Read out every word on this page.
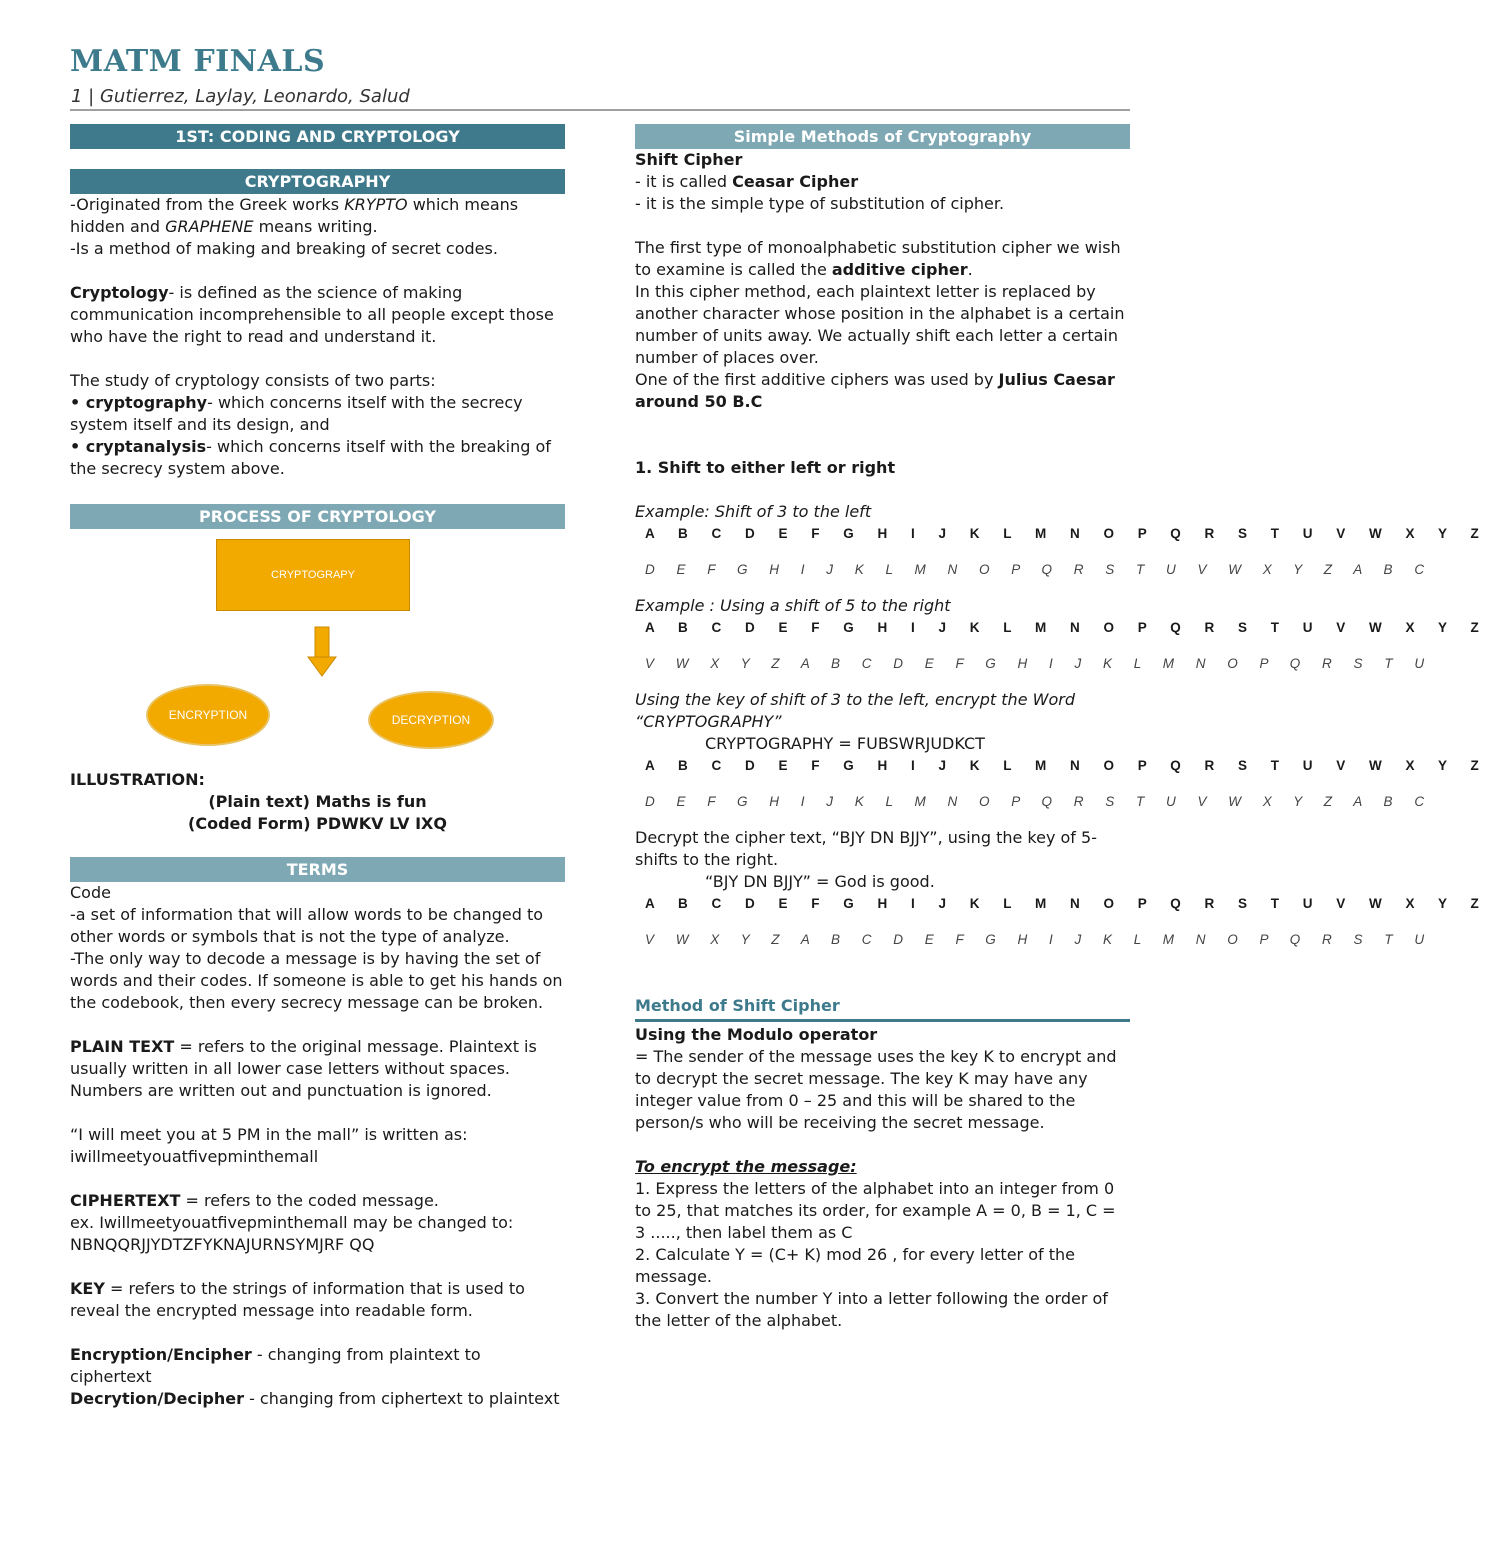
MATM FINALS
1 | Gutierrez, Laylay, Leonardo, Salud
1ST: CODING AND CRYPTOLOGY
CRYPTOGRAPHY
-Originated from the Greek works KRYPTO which means hidden and GRAPHENE means writing.
-Is a method of making and breaking of secret codes.
Cryptology- is defined as the science of making communication incomprehensible to all people except those who have the right to read and understand it.
The study of cryptology consists of two parts:
• cryptography- which concerns itself with the secrecy system itself and its design, and
• cryptanalysis- which concerns itself with the breaking of the secrecy system above.
PROCESS OF CRYPTOLOGY
CRYPTOGRAPY
ENCRYPTION	DECRYPTION
ILLUSTRATION:
(Plain text) Maths is fun
(Coded Form) PDWKV LV IXQ
TERMS
Code
-a set of information that will allow words to be changed to other words or symbols that is not the type of analyze.
-The only way to decode a message is by having the set of words and their codes. If someone is able to get his hands on the codebook, then every secrecy message can be broken.
PLAIN TEXT = refers to the original message. Plaintext is usually written in all lower case letters without spaces. Numbers are written out and punctuation is ignored.
“I will meet you at 5 PM in the mall” is written as:
iwillmeetyouatfivepminthemall
CIPHERTEXT = refers to the coded message.
ex. Iwillmeetyouatfivepminthemall may be changed to:
NBNQQRJJYDTZFYKNAJURNSYMJRF QQ
KEY = refers to the strings of information that is used to reveal the encrypted message into readable form.
Encryption/Encipher - changing from plaintext to ciphertext
Decrytion/Decipher - changing from ciphertext to plaintext
Simple Methods of Cryptography
Shift Cipher
- it is called Ceasar Cipher
- it is the simple type of substitution of cipher.
The first type of monoalphabetic substitution cipher we wish to examine is called the additive cipher.
In this cipher method, each plaintext letter is replaced by another character whose position in the alphabet is a certain number of units away. We actually shift each letter a certain number of places over.
One of the first additive ciphers was used by Julius Caesar around 50 B.C
1. Shift to either left or right
Example: Shift of 3 to the left
A B C D E F G H I J K L M N O P Q R S T U V W X Y Z
D E F G H I J K L M N O P Q R S T U V W X Y Z A B C
Example : Using a shift of 5 to the right
A B C D E F G H I J K L M N O P Q R S T U V W X Y Z
V W X Y Z A B C D E F G H I J K L M N O P Q R S T U
Using the key of shift of 3 to the left, encrypt the Word “CRYPTOGRAPHY”
CRYPTOGRAPHY = FUBSWRJUDKCT
A B C D E F G H I J K L M N O P Q R S T U V W X Y Z
D E F G H I J K L M N O P Q R S T U V W X Y Z A B C
Decrypt the cipher text, “BJY DN BJJY”, using the key of 5-shifts to the right.
“BJY DN BJJY” = God is good.
A B C D E F G H I J K L M N O P Q R S T U V W X Y Z
V W X Y Z A B C D E F G H I J K L M N O P Q R S T U
Method of Shift Cipher
Using the Modulo operator
= The sender of the message uses the key K to encrypt and to decrypt the secret message. The key K may have any integer value from 0 – 25 and this will be shared to the person/s who will be receiving the secret message.
To encrypt the message:
1. Express the letters of the alphabet into an integer from 0 to 25, that matches its order, for example A = 0, B = 1, C = 3 ....., then label them as C
2. Calculate Y = (C+ K) mod 26 , for every letter of the message.
3. Convert the number Y into a letter following the order of the letter of the alphabet.
